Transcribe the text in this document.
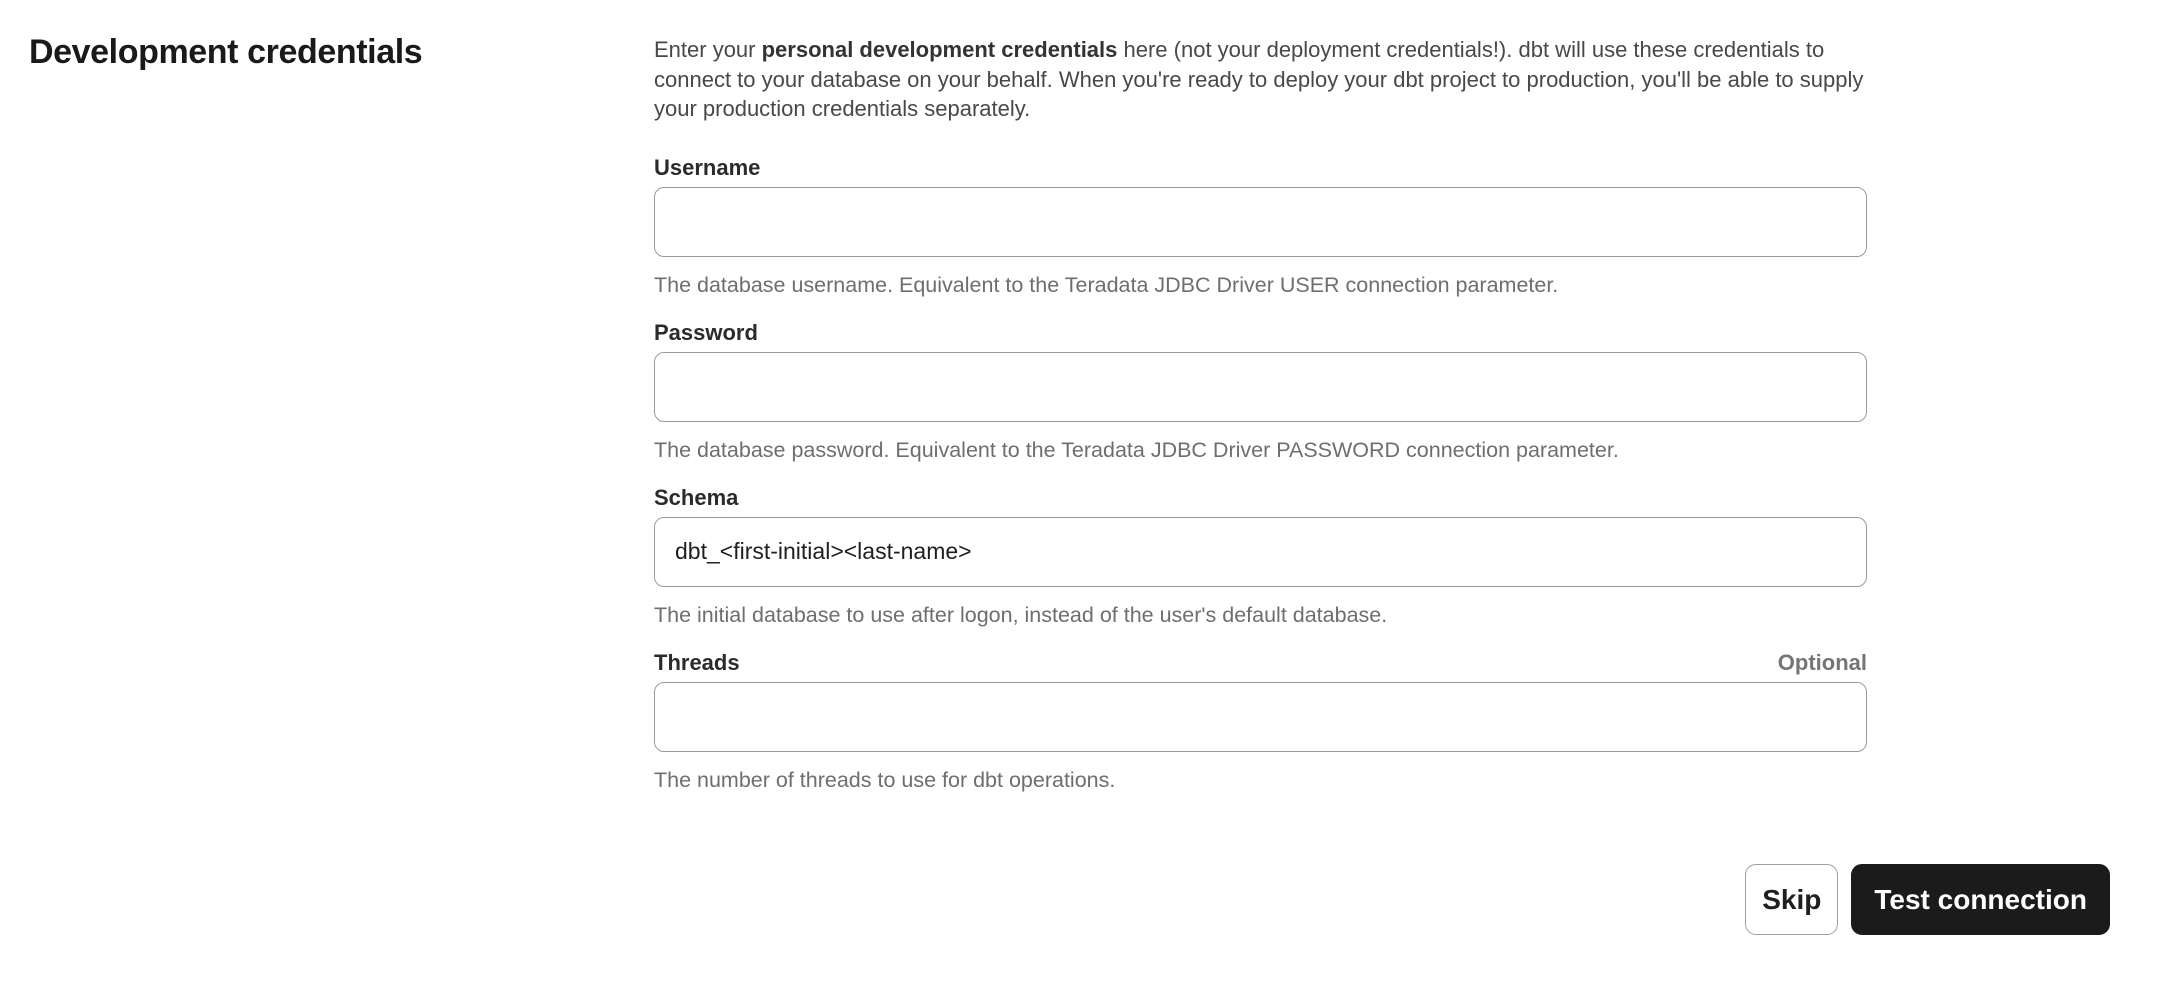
Development credentials	Enter your personal development credentials here (not your deployment credentials!). dbt will use these credentials to connect to your database on your behalf. When you're ready to deploy your dbt project to production, you'll be able to supply your production credentials separately.

Username

The database username. Equivalent to the Teradata JDBC Driver USER connection parameter.

Password

The database password. Equivalent to the Teradata JDBC Driver PASSWORD connection parameter.

Schema
dbt_<first-initial><last-name>

The initial database to use after logon, instead of the user's default database.

Threads	Optional

The number of threads to use for dbt operations.

Skip	Test connection
